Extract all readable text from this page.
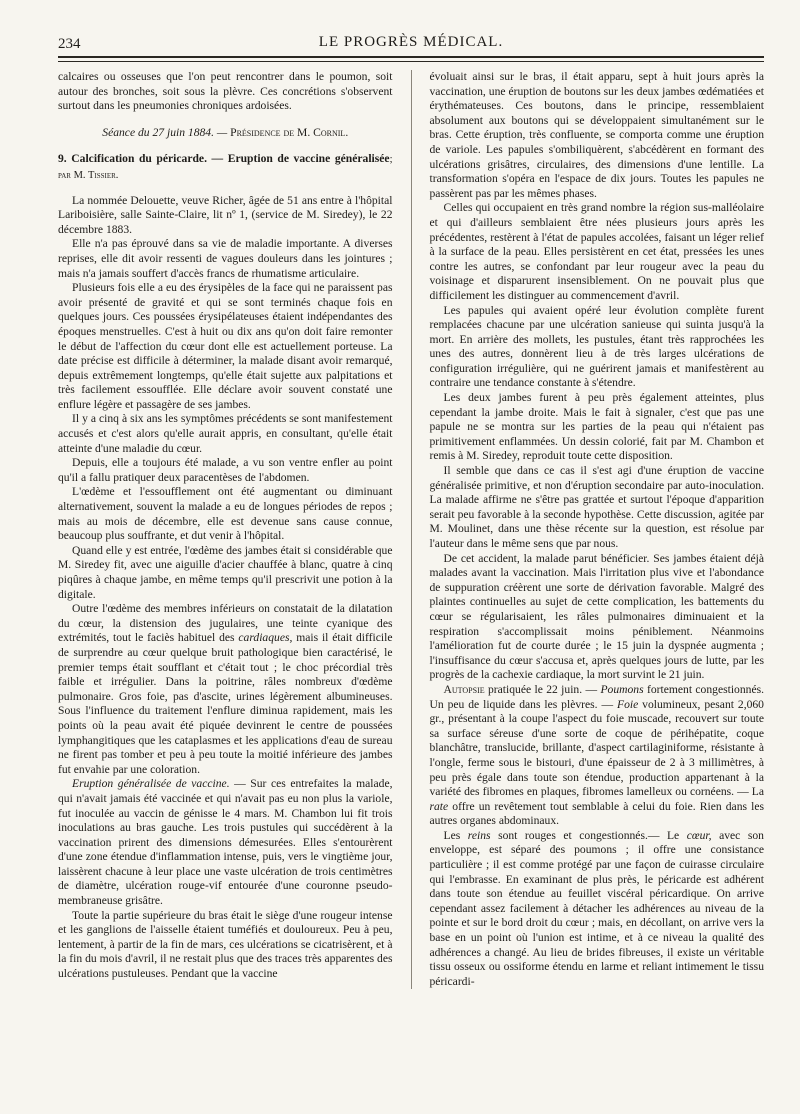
234	LE PROGRÈS MÉDICAL.

calcaires ou osseuses que l'on peut rencontrer dans le poumon, soit autour des bronches, soit sous la plèvre. Ces concrétions s'observent surtout dans les pneumonies chroniques ardoisées.

Séance du 27 juin 1884. — Présidence de M. Cornil.

9. Calcification du péricarde. — Eruption de vaccine généralisée; par M. Tissier.

La nommée Delouette, veuve Richer, âgée de 51 ans entre à l'hôpital Lariboisière, salle Sainte-Claire, lit nº 1, (service de M. Siredey), le 22 décembre 1883.

Elle n'a pas éprouvé dans sa vie de maladie importante. A diverses reprises, elle dit avoir ressenti de vagues douleurs dans les jointures ; mais n'a jamais souffert d'accès francs de rhumatisme articulaire.

Plusieurs fois elle a eu des érysipèles de la face qui ne paraissent pas avoir présenté de gravité et qui se sont terminés chaque fois en quelques jours. Ces poussées érysipélateuses étaient indépendantes des époques menstruelles. C'est à huit ou dix ans qu'on doit faire remonter le début de l'affection du cœur dont elle est actuellement porteuse. La date précise est difficile à déterminer, la malade disant avoir remarqué, depuis extrêmement longtemps, qu'elle était sujette aux palpitations et très facilement essoufflée. Elle déclare avoir souvent constaté une enflure légère et passagère de ses jambes.

Il y a cinq à six ans les symptômes précédents se sont manifestement accusés et c'est alors qu'elle aurait appris, en consultant, qu'elle était atteinte d'une maladie du cœur.

Depuis, elle a toujours été malade, a vu son ventre enfler au point qu'il a fallu pratiquer deux paracentèses de l'abdomen.

L'œdème et l'essoufflement ont été augmentant ou diminuant alternativement, souvent la malade a eu de longues périodes de repos ; mais au mois de décembre, elle est devenue sans cause connue, beaucoup plus souffrante, et dut venir à l'hôpital.

Quand elle y est entrée, l'œdème des jambes était si considérable que M. Siredey fit, avec une aiguille d'acier chauffée à blanc, quatre à cinq piqûres à chaque jambe, en même temps qu'il prescrivit une potion à la digitale.

Outre l'œdème des membres inférieurs on constatait de la dilatation du cœur, la distension des jugulaires, une teinte cyanique des extrémités, tout le faciès habituel des cardiaques, mais il était difficile de surprendre au cœur quelque bruit pathologique bien caractérisé, le premier temps était soufflant et c'était tout ; le choc précordial très faible et irrégulier. Dans la poitrine, râles nombreux d'œdème pulmonaire. Gros foie, pas d'ascite, urines légèrement albumineuses. Sous l'influence du traitement l'enflure diminua rapidement, mais les points où la peau avait été piquée devinrent le centre de poussées lymphangitiques que les cataplasmes et les applications d'eau de sureau ne firent pas tomber et peu à peu toute la moitié inférieure des jambes fut envahie par une coloration.

Eruption généralisée de vaccine. — Sur ces entrefaites la malade, qui n'avait jamais été vaccinée et qui n'avait pas eu non plus la variole, fut inoculée au vaccin de génisse le 4 mars. M. Chambon lui fit trois inoculations au bras gauche. Les trois pustules qui succédèrent à la vaccination prirent des dimensions démesurées. Elles s'entourèrent d'une zone étendue d'inflammation intense, puis, vers le vingtième jour, laissèrent chacune à leur place une vaste ulcération de trois centimètres de diamètre, ulcération rouge-vif entourée d'une couronne pseudo-membraneuse grisâtre.

Toute la partie supérieure du bras était le siège d'une rougeur intense et les ganglions de l'aisselle étaient tuméfiés et douloureux. Peu à peu, lentement, à partir de la fin de mars, ces ulcérations se cicatrisèrent, et à la fin du mois d'avril, il ne restait plus que des traces très apparentes des ulcérations pustuleuses. Pendant que la vaccine

évoluait ainsi sur le bras, il était apparu, sept à huit jours après la vaccination, une éruption de boutons sur les deux jambes œdématiées et érythémateuses. Ces boutons, dans le principe, ressemblaient absolument aux boutons qui se développaient simultanément sur le bras. Cette éruption, très confluente, se comporta comme une éruption de variole. Les papules s'ombiliquèrent, s'abcédèrent en formant des ulcérations grisâtres, circulaires, des dimensions d'une lentille. La transformation s'opéra en l'espace de dix jours. Toutes les papules ne passèrent pas par les mêmes phases.

Celles qui occupaient en très grand nombre la région sus-malléolaire et qui d'ailleurs semblaient être nées plusieurs jours après les précédentes, restèrent à l'état de papules accolées, faisant un léger relief à la surface de la peau. Elles persistèrent en cet état, pressées les unes contre les autres, se confondant par leur rougeur avec la peau du voisinage et disparurent insensiblement. On ne pouvait plus que difficilement les distinguer au commencement d'avril.

Les papules qui avaient opéré leur évolution complète furent remplacées chacune par une ulcération sanieuse qui suinta jusqu'à la mort. En arrière des mollets, les pustules, étant très rapprochées les unes des autres, donnèrent lieu à de très larges ulcérations de configuration irrégulière, qui ne guérirent jamais et manifestèrent au contraire une tendance constante à s'étendre.

Les deux jambes furent à peu près également atteintes, plus cependant la jambe droite. Mais le fait à signaler, c'est que pas une papule ne se montra sur les parties de la peau qui n'étaient pas primitivement enflammées. Un dessin colorié, fait par M. Chambon et remis à M. Siredey, reproduit toute cette disposition.

Il semble que dans ce cas il s'est agi d'une éruption de vaccine généralisée primitive, et non d'éruption secondaire par auto-inoculation. La malade affirme ne s'être pas grattée et surtout l'époque d'apparition serait peu favorable à la seconde hypothèse. Cette discussion, agitée par M. Moulinet, dans une thèse récente sur la question, est résolue par l'auteur dans le même sens que par nous.

De cet accident, la malade parut bénéficier. Ses jambes étaient déjà malades avant la vaccination. Mais l'irritation plus vive et l'abondance de suppuration créèrent une sorte de dérivation favorable. Malgré des plaintes continuelles au sujet de cette complication, les battements du cœur se régularisaient, les râles pulmonaires diminuaient et la respiration s'accomplissait moins péniblement. Néanmoins l'amélioration fut de courte durée ; le 15 juin la dyspnée augmenta ; l'insuffisance du cœur s'accusa et, après quelques jours de lutte, par les progrès de la cachexie cardiaque, la mort survint le 21 juin.

Autopsie pratiquée le 22 juin. — Poumons fortement congestionnés. Un peu de liquide dans les plèvres. — Foie volumineux, pesant 2,060 gr., présentant à la coupe l'aspect du foie muscade, recouvert sur toute sa surface séreuse d'une sorte de coque de périhépatite, coque blanchâtre, translucide, brillante, d'aspect cartilaginiforme, résistante à l'ongle, ferme sous le bistouri, d'une épaisseur de 2 à 3 millimètres, à peu près égale dans toute son étendue, production appartenant à la variété des fibromes en plaques, fibromes lamelleux ou cornéens. — La rate offre un revêtement tout semblable à celui du foie. Rien dans les autres organes abdominaux.

Les reins sont rouges et congestionnés.— Le cœur, avec son enveloppe, est séparé des poumons ; il offre une consistance particulière ; il est comme protégé par une façon de cuirasse circulaire qui l'embrasse. En examinant de plus près, le péricarde est adhérent dans toute son étendue au feuillet viscéral péricardique. On arrive cependant assez facilement à détacher les adhérences au niveau de la pointe et sur le bord droit du cœur ; mais, en décollant, on arrive vers la base en un point où l'union est intime, et à ce niveau la qualité des adhérences a changé. Au lieu de brides fibreuses, il existe un véritable tissu osseux ou ossiforme étendu en larme et reliant intimement le tissu péricardi-
